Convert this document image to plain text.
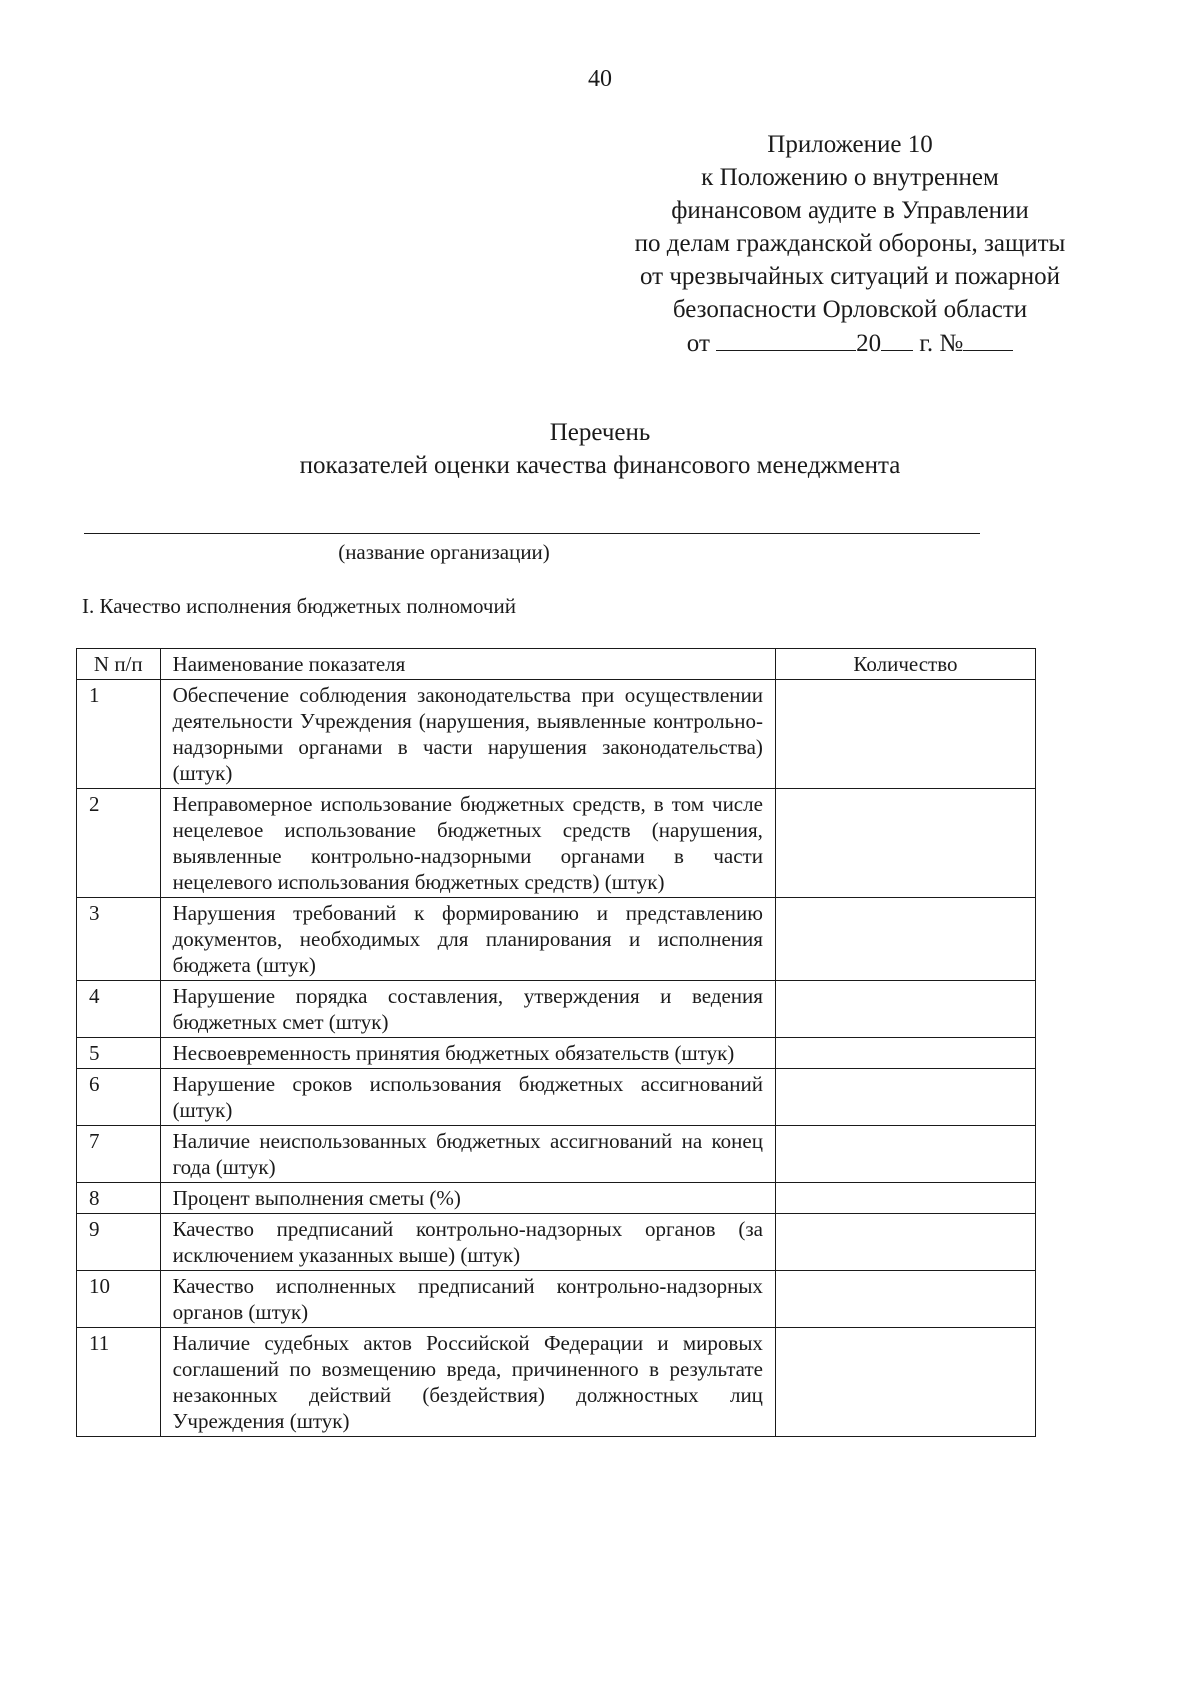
40
Приложение 10
к Положению о внутреннем
финансовом аудите в Управлении
по делам гражданской обороны, защиты
от чрезвычайных ситуаций и пожарной
безопасности Орловской области
от	20 г. №
Перечень
показателей оценки качества финансового менеджмента
(название организации)
I. Качество исполнения бюджетных полномочий
N п/п	Наименование показателя	Количество
1	Обеспечение соблюдения законодательства при осуществлении деятельности Учреждения (нарушения, выявленные контрольно-надзорными органами в части нарушения законодательства) (штук)	
2	Неправомерное использование бюджетных средств, в том числе нецелевое использование бюджетных средств (нарушения, выявленные контрольно-надзорными органами в части нецелевого использования бюджетных средств) (штук)	
3	Нарушения требований к формированию и представлению документов, необходимых для планирования и исполнения бюджета (штук)	
4	Нарушение порядка составления, утверждения и ведения бюджетных смет (штук)	
5	Несвоевременность принятия бюджетных обязательств (штук)	
6	Нарушение сроков использования бюджетных ассигнований (штук)	
7	Наличие неиспользованных бюджетных ассигнований на конец года (штук)	
8	Процент выполнения сметы (%)	
9	Качество предписаний контрольно-надзорных органов (за исключением указанных выше) (штук)	
10	Качество исполненных предписаний контрольно-надзорных органов (штук)	
11	Наличие судебных актов Российской Федерации и мировых соглашений по возмещению вреда, причиненного в результате незаконных действий (бездействия) должностных лиц Учреждения (штук)	
